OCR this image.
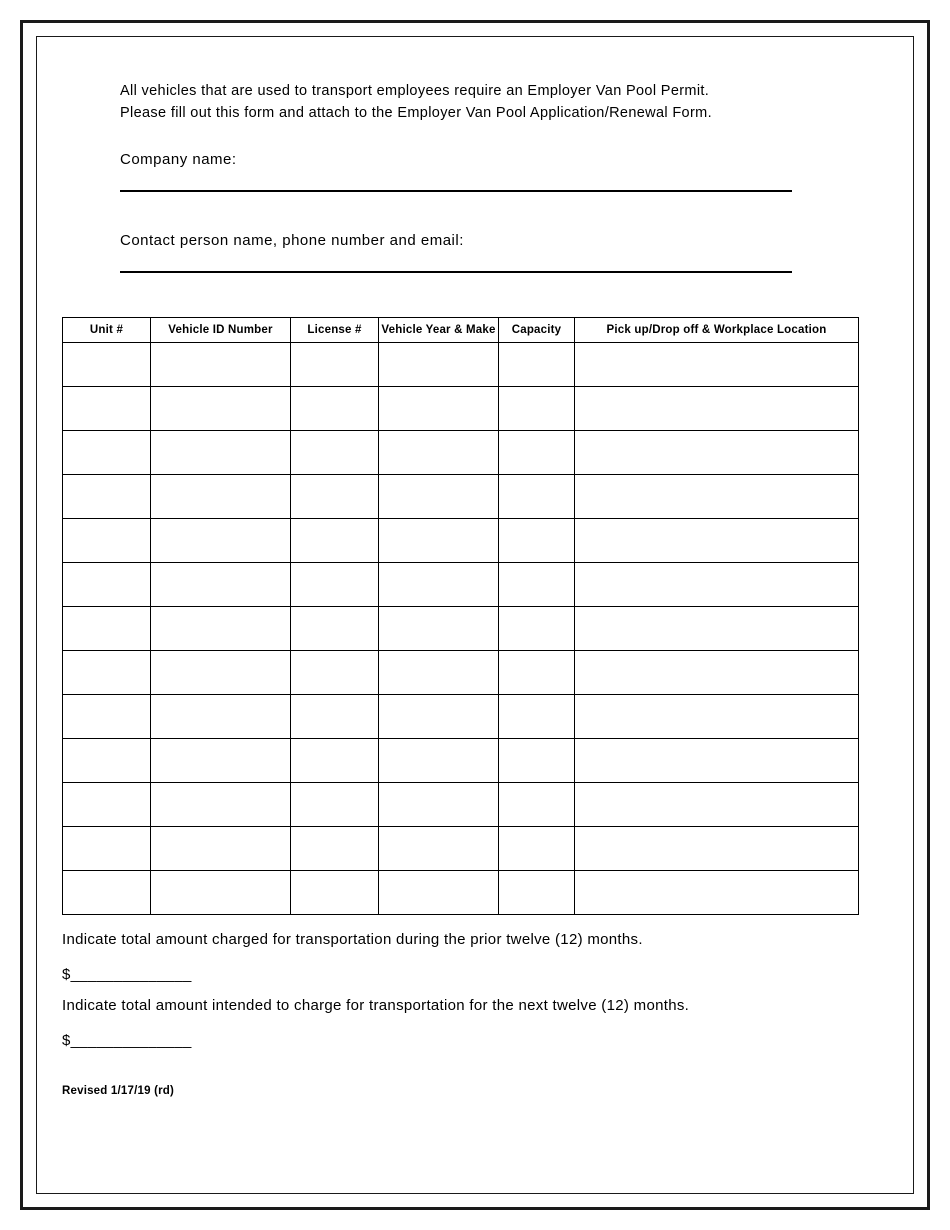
All vehicles that are used to transport employees require an Employer Van Pool Permit.
Please fill out this form and attach to the Employer Van Pool Application/Renewal Form.
Company name:
Contact person name, phone number and email:
Unit #	Vehicle ID Number	License #	Vehicle Year & Make	Capacity	Pick up/Drop off & Workplace Location

Indicate total amount charged for transportation during the prior twelve (12) months.
$______________
Indicate total amount intended to charge for transportation for the next twelve (12) months.
$______________
Revised 1/17/19 (rd)
